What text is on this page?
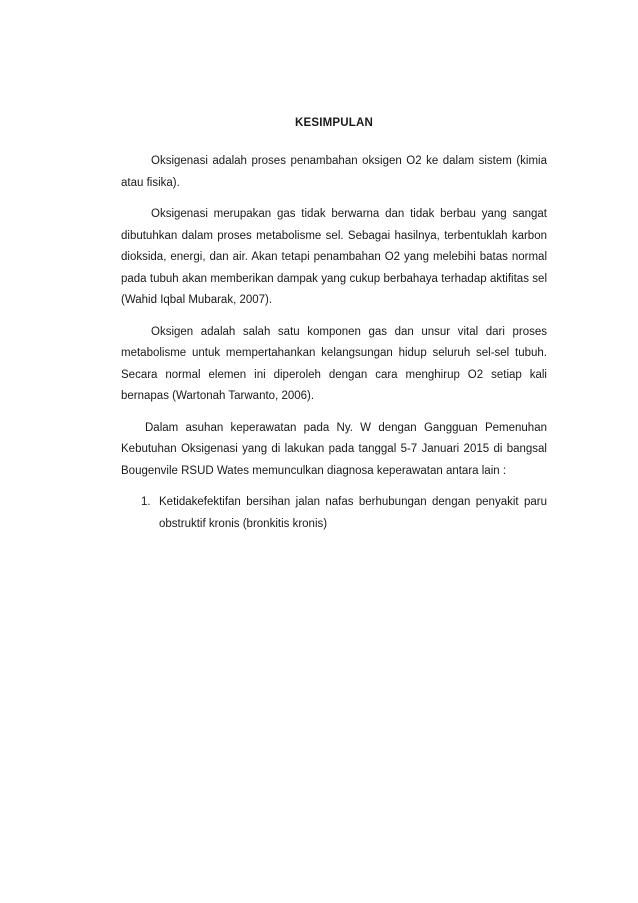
KESIMPULAN

Oksigenasi adalah proses penambahan oksigen O2 ke dalam sistem (kimia atau fisika).

Oksigenasi merupakan gas tidak berwarna dan tidak berbau yang sangat dibutuhkan dalam proses metabolisme sel. Sebagai hasilnya, terbentuklah karbon dioksida, energi, dan air. Akan tetapi penambahan O2 yang melebihi batas normal pada tubuh akan memberikan dampak yang cukup berbahaya terhadap aktifitas sel (Wahid Iqbal Mubarak, 2007).

Oksigen adalah salah satu komponen gas dan unsur vital dari proses metabolisme untuk mempertahankan kelangsungan hidup seluruh sel-sel tubuh. Secara normal elemen ini diperoleh dengan cara menghirup O2 setiap kali bernapas (Wartonah Tarwanto, 2006).

Dalam asuhan keperawatan pada Ny. W dengan Gangguan Pemenuhan Kebutuhan Oksigenasi yang di lakukan pada tanggal 5-7 Januari 2015 di bangsal Bougenvile RSUD Wates memunculkan diagnosa keperawatan antara lain :

1. Ketidakefektifan bersihan jalan nafas berhubungan dengan penyakit paru obstruktif kronis (bronkitis kronis)
